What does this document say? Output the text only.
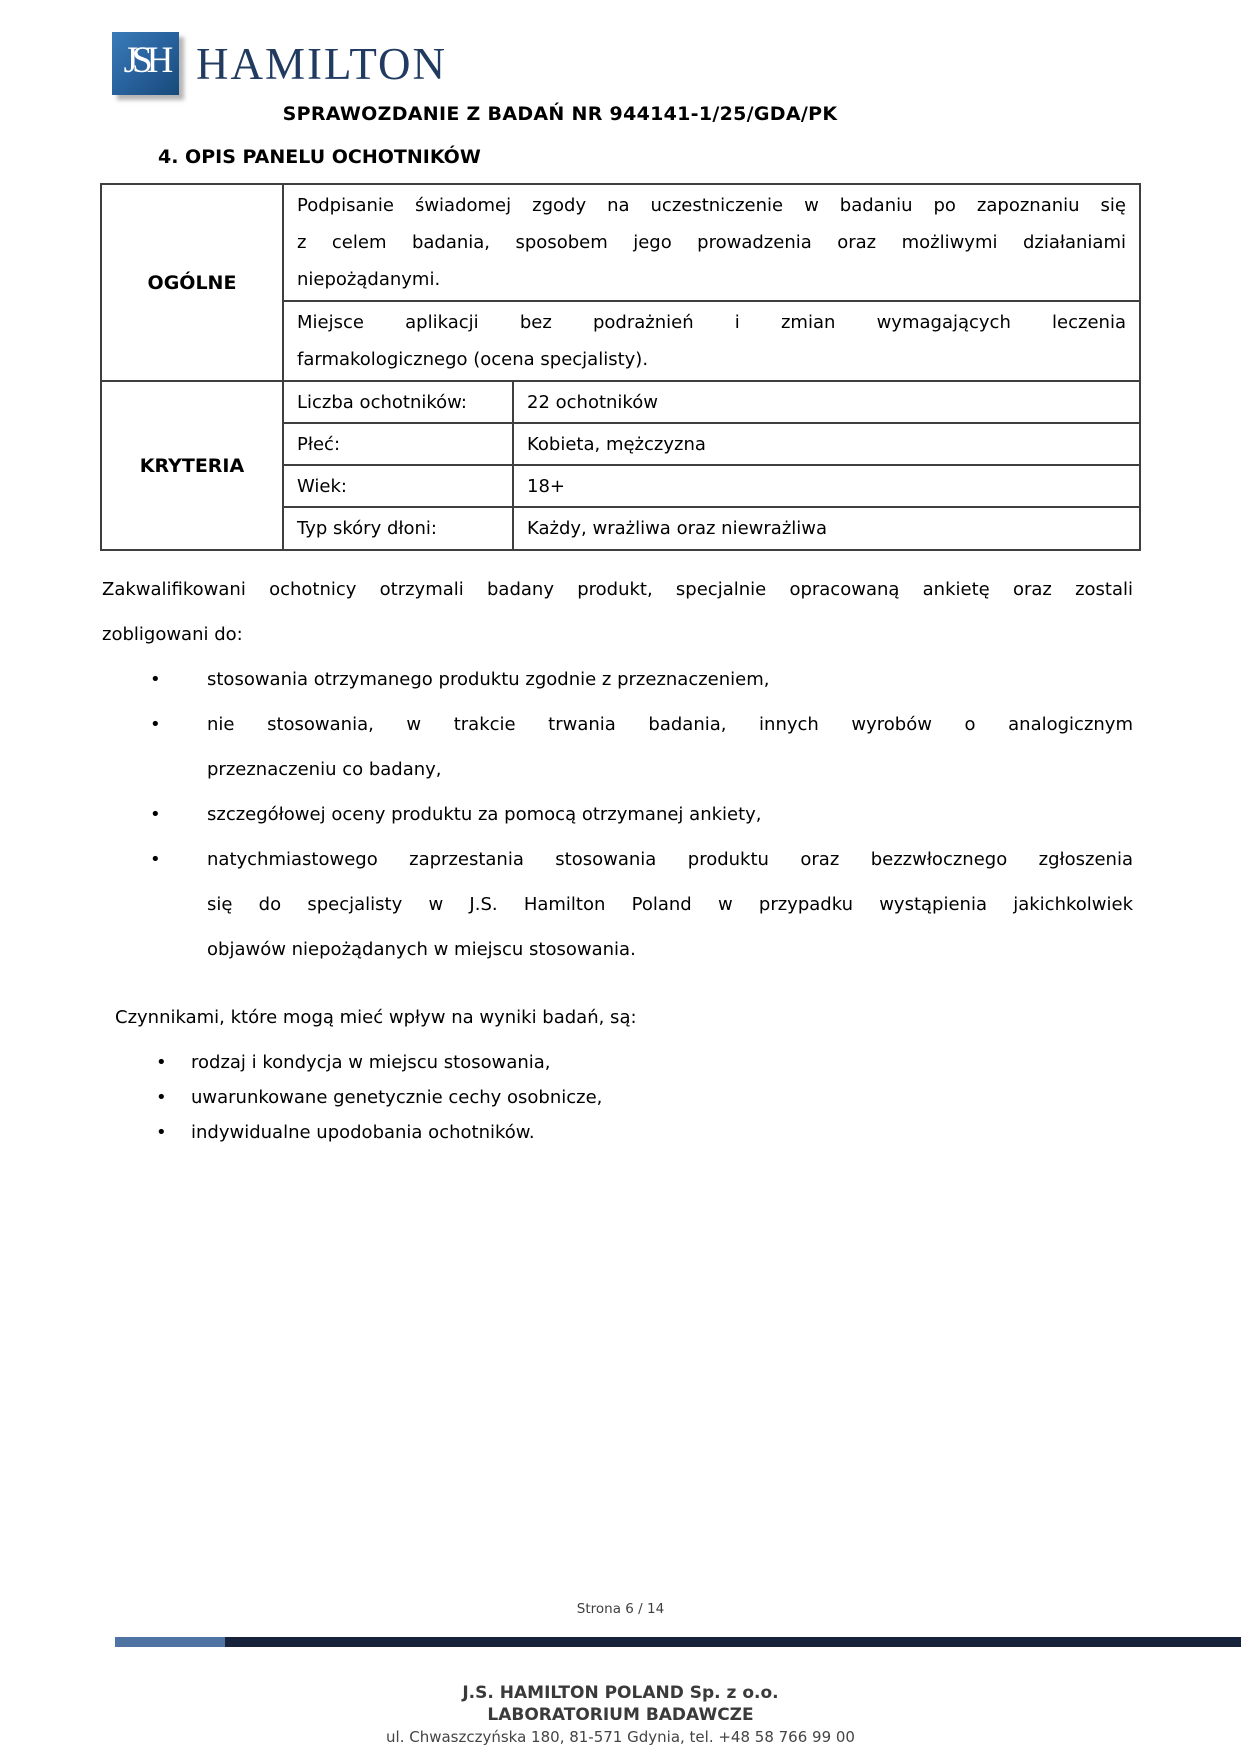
JSH HAMILTON
SPRAWOZDANIE Z BADAŃ NR 944141-1/25/GDA/PK
4. OPIS PANELU OCHOTNIKÓW
OGÓLNE	Podpisanie świadomej zgody na uczestniczenie w badaniu po zapoznaniu się
z celem badania, sposobem jego prowadzenia oraz możliwymi działaniami
niepożądanymi.	

	Miejsce aplikacji bez podrażnień i zmian wymagających leczenia
farmakologicznego (ocena specjalisty).	

KRYTERIA	Liczba ochotników:	22 ochotników
	Płeć:	Kobieta, mężczyzna
	Wiek:	18+
	Typ skóry dłoni:	Każdy, wrażliwa oraz niewrażliwa
Zakwalifikowani ochotnicy otrzymali badany produkt, specjalnie opracowaną ankietę oraz zostali
zobligowani do:
•	stosowania otrzymanego produktu zgodnie z przeznaczeniem,
•	nie stosowania, w trakcie trwania badania, innych wyrobów o analogicznym
przeznaczeniu co badany,
•	szczegółowej oceny produktu za pomocą otrzymanej ankiety,
•	natychmiastowego zaprzestania stosowania produktu oraz bezzwłocznego zgłoszenia
się do specjalisty w J.S. Hamilton Poland w przypadku wystąpienia jakichkolwiek
objawów niepożądanych w miejscu stosowania.
Czynnikami, które mogą mieć wpływ na wyniki badań, są:
•	rodzaj i kondycja w miejscu stosowania,
•	uwarunkowane genetycznie cechy osobnicze,
•	indywidualne upodobania ochotników.
Strona 6 / 14
J.S. HAMILTON POLAND Sp. z o.o.
LABORATORIUM BADAWCZE
ul. Chwaszczyńska 180, 81-571 Gdynia, tel. +48 58 766 99 00
